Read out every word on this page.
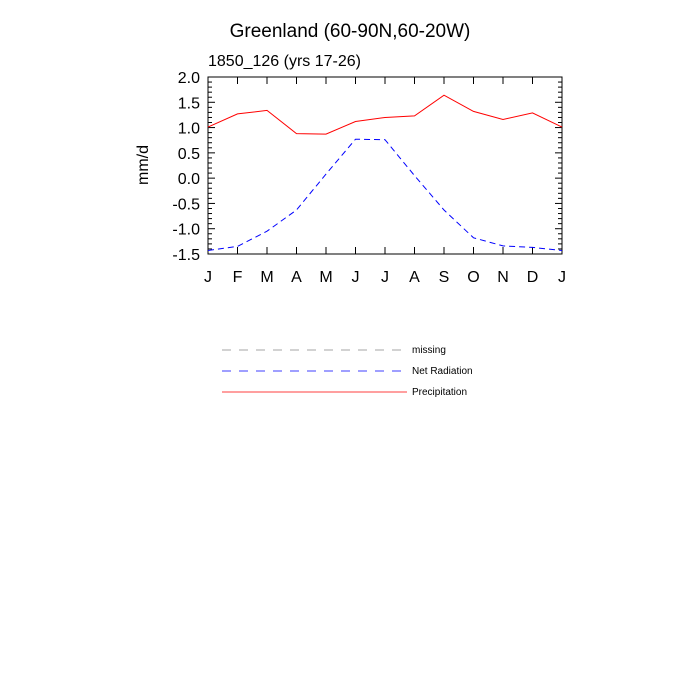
Greenland (60-90N,60-20W)
1850_126 (yrs 17-26)
mm/d
2.0
1.5
1.0
0.5
0.0
-0.5
-1.0
-1.5
J F M A M J J A S O N D J
missing
Net Radiation
Precipitation
